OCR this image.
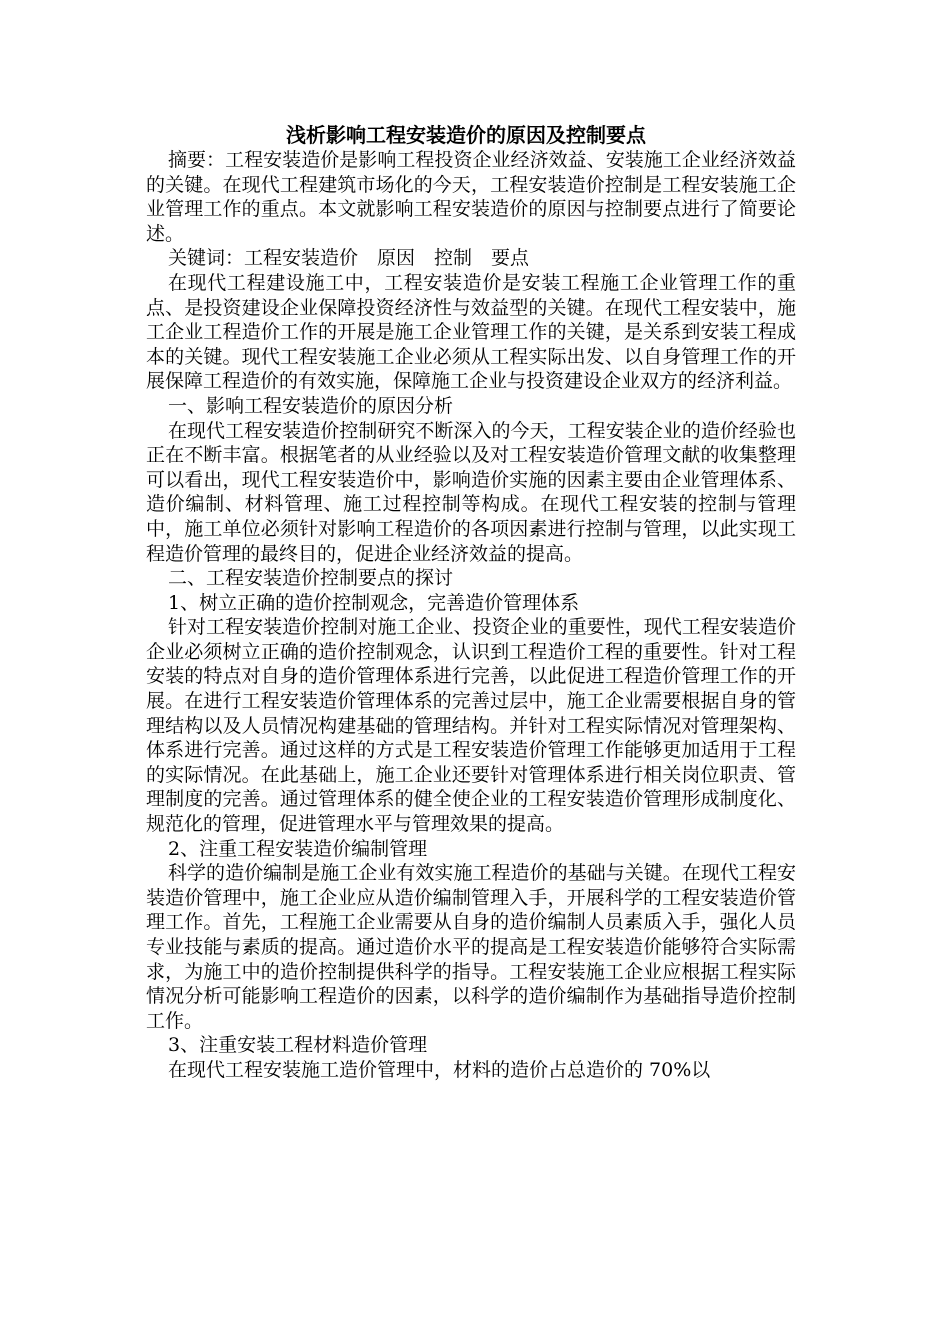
浅析影响工程安装造价的原因及控制要点

摘要：工程安装造价是影响工程投资企业经济效益、安装施工企业经济效益的关键。在现代工程建筑市场化的今天，工程安装造价控制是工程安装施工企业管理工作的重点。本文就影响工程安装造价的原因与控制要点进行了简要论述。

关键词：工程安装造价　原因　控制　要点

在现代工程建设施工中，工程安装造价是安装工程施工企业管理工作的重点、是投资建设企业保障投资经济性与效益型的关键。在现代工程安装中，施工企业工程造价工作的开展是施工企业管理工作的关键，是关系到安装工程成本的关键。现代工程安装施工企业必须从工程实际出发、以自身管理工作的开展保障工程造价的有效实施，保障施工企业与投资建设企业双方的经济利益。

一、影响工程安装造价的原因分析

在现代工程安装造价控制研究不断深入的今天，工程安装企业的造价经验也正在不断丰富。根据笔者的从业经验以及对工程安装造价管理文献的收集整理可以看出，现代工程安装造价中，影响造价实施的因素主要由企业管理体系、造价编制、材料管理、施工过程控制等构成。在现代工程安装的控制与管理中，施工单位必须针对影响工程造价的各项因素进行控制与管理，以此实现工程造价管理的最终目的，促进企业经济效益的提高。

二、工程安装造价控制要点的探讨

1、树立正确的造价控制观念，完善造价管理体系

针对工程安装造价控制对施工企业、投资企业的重要性，现代工程安装造价企业必须树立正确的造价控制观念，认识到工程造价工程的重要性。针对工程安装的特点对自身的造价管理体系进行完善，以此促进工程造价管理工作的开展。在进行工程安装造价管理体系的完善过层中，施工企业需要根据自身的管理结构以及人员情况构建基础的管理结构。并针对工程实际情况对管理架构、体系进行完善。通过这样的方式是工程安装造价管理工作能够更加适用于工程的实际情况。在此基础上，施工企业还要针对管理体系进行相关岗位职责、管理制度的完善。通过管理体系的健全使企业的工程安装造价管理形成制度化、规范化的管理，促进管理水平与管理效果的提高。

2、注重工程安装造价编制管理

科学的造价编制是施工企业有效实施工程造价的基础与关键。在现代工程安装造价管理中，施工企业应从造价编制管理入手，开展科学的工程安装造价管理工作。首先，工程施工企业需要从自身的造价编制人员素质入手，强化人员专业技能与素质的提高。通过造价水平的提高是工程安装造价能够符合实际需求，为施工中的造价控制提供科学的指导。工程安装施工企业应根据工程实际情况分析可能影响工程造价的因素，以科学的造价编制作为基础指导造价控制工作。

3、注重安装工程材料造价管理

在现代工程安装施工造价管理中，材料的造价占总造价的 70%以
